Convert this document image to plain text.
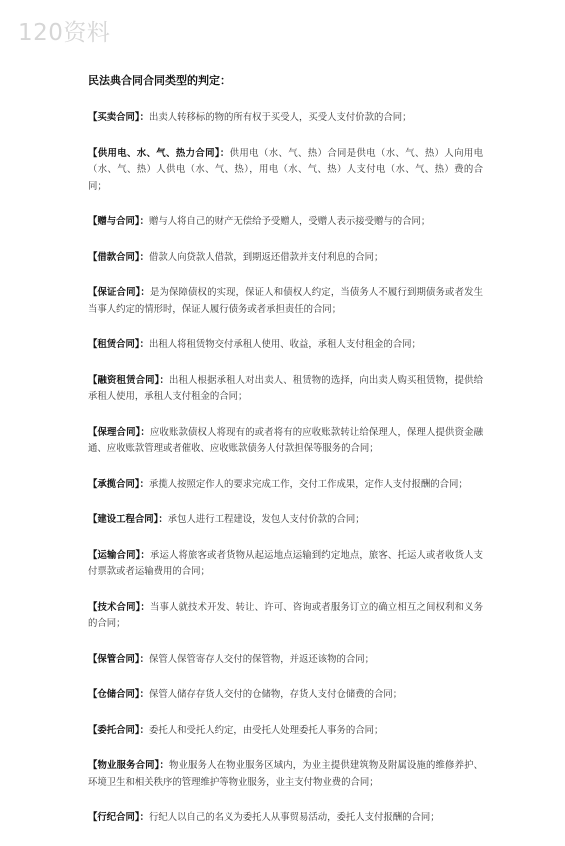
120资料
民法典合同合同类型的判定：

【买卖合同】：出卖人转移标的物的所有权于买受人，买受人支付价款的合同；

【供用电、水、气、热力合同】：供用电（水、气、热）合同是供电（水、气、热）人向用电（水、气、热）人供电（水、气、热），用电（水、气、热）人支付电（水、气、热）费的合同；

【赠与合同】：赠与人将自己的财产无偿给予受赠人，受赠人表示接受赠与的合同；

【借款合同】：借款人向贷款人借款，到期返还借款并支付利息的合同；

【保证合同】：是为保障债权的实现，保证人和债权人约定，当债务人不履行到期债务或者发生当事人约定的情形时，保证人履行债务或者承担责任的合同；

【租赁合同】：出租人将租赁物交付承租人使用、收益，承租人支付租金的合同；

【融资租赁合同】：出租人根据承租人对出卖人、租赁物的选择，向出卖人购买租赁物，提供给承租人使用，承租人支付租金的合同；

【保理合同】：应收账款债权人将现有的或者将有的应收账款转让给保理人，保理人提供资金融通、应收账款管理或者催收、应收账款债务人付款担保等服务的合同；

【承揽合同】：承揽人按照定作人的要求完成工作，交付工作成果，定作人支付报酬的合同；

【建设工程合同】：承包人进行工程建设，发包人支付价款的合同；

【运输合同】：承运人将旅客或者货物从起运地点运输到约定地点，旅客、托运人或者收货人支付票款或者运输费用的合同；

【技术合同】：当事人就技术开发、转让、许可、咨询或者服务订立的确立相互之间权利和义务的合同；

【保管合同】：保管人保管寄存人交付的保管物，并返还该物的合同；

【仓储合同】：保管人储存存货人交付的仓储物，存货人支付仓储费的合同；

【委托合同】：委托人和受托人约定，由受托人处理委托人事务的合同；

【物业服务合同】：物业服务人在物业服务区域内，为业主提供建筑物及附属设施的维修养护、环境卫生和相关秩序的管理维护等物业服务，业主支付物业费的合同；

【行纪合同】：行纪人以自己的名义为委托人从事贸易活动，委托人支付报酬的合同；
